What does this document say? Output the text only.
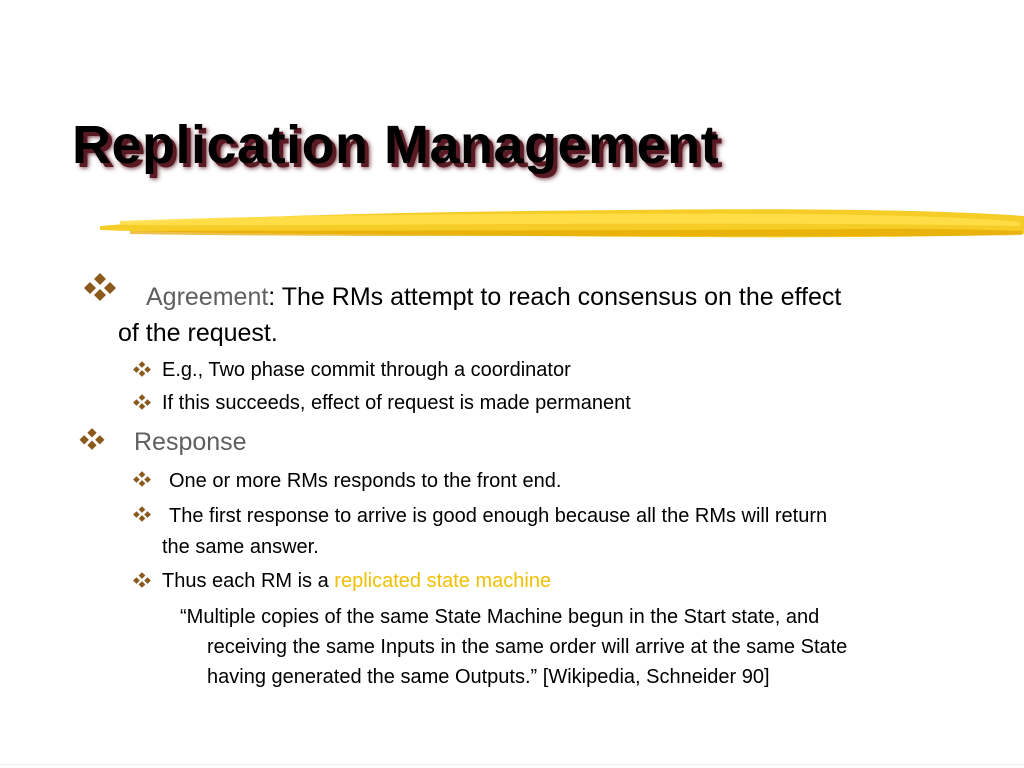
Replication Management
Agreement: The RMs attempt to reach consensus on the effect
of the request.
E.g., Two phase commit through a coordinator
If this succeeds, effect of request is made permanent
Response
One or more RMs responds to the front end.
The first response to arrive is good enough because all the RMs will return
the same answer.
Thus each RM is a replicated state machine
“Multiple copies of the same State Machine begun in the Start state, and
receiving the same Inputs in the same order will arrive at the same State
having generated the same Outputs.” [Wikipedia, Schneider 90]
